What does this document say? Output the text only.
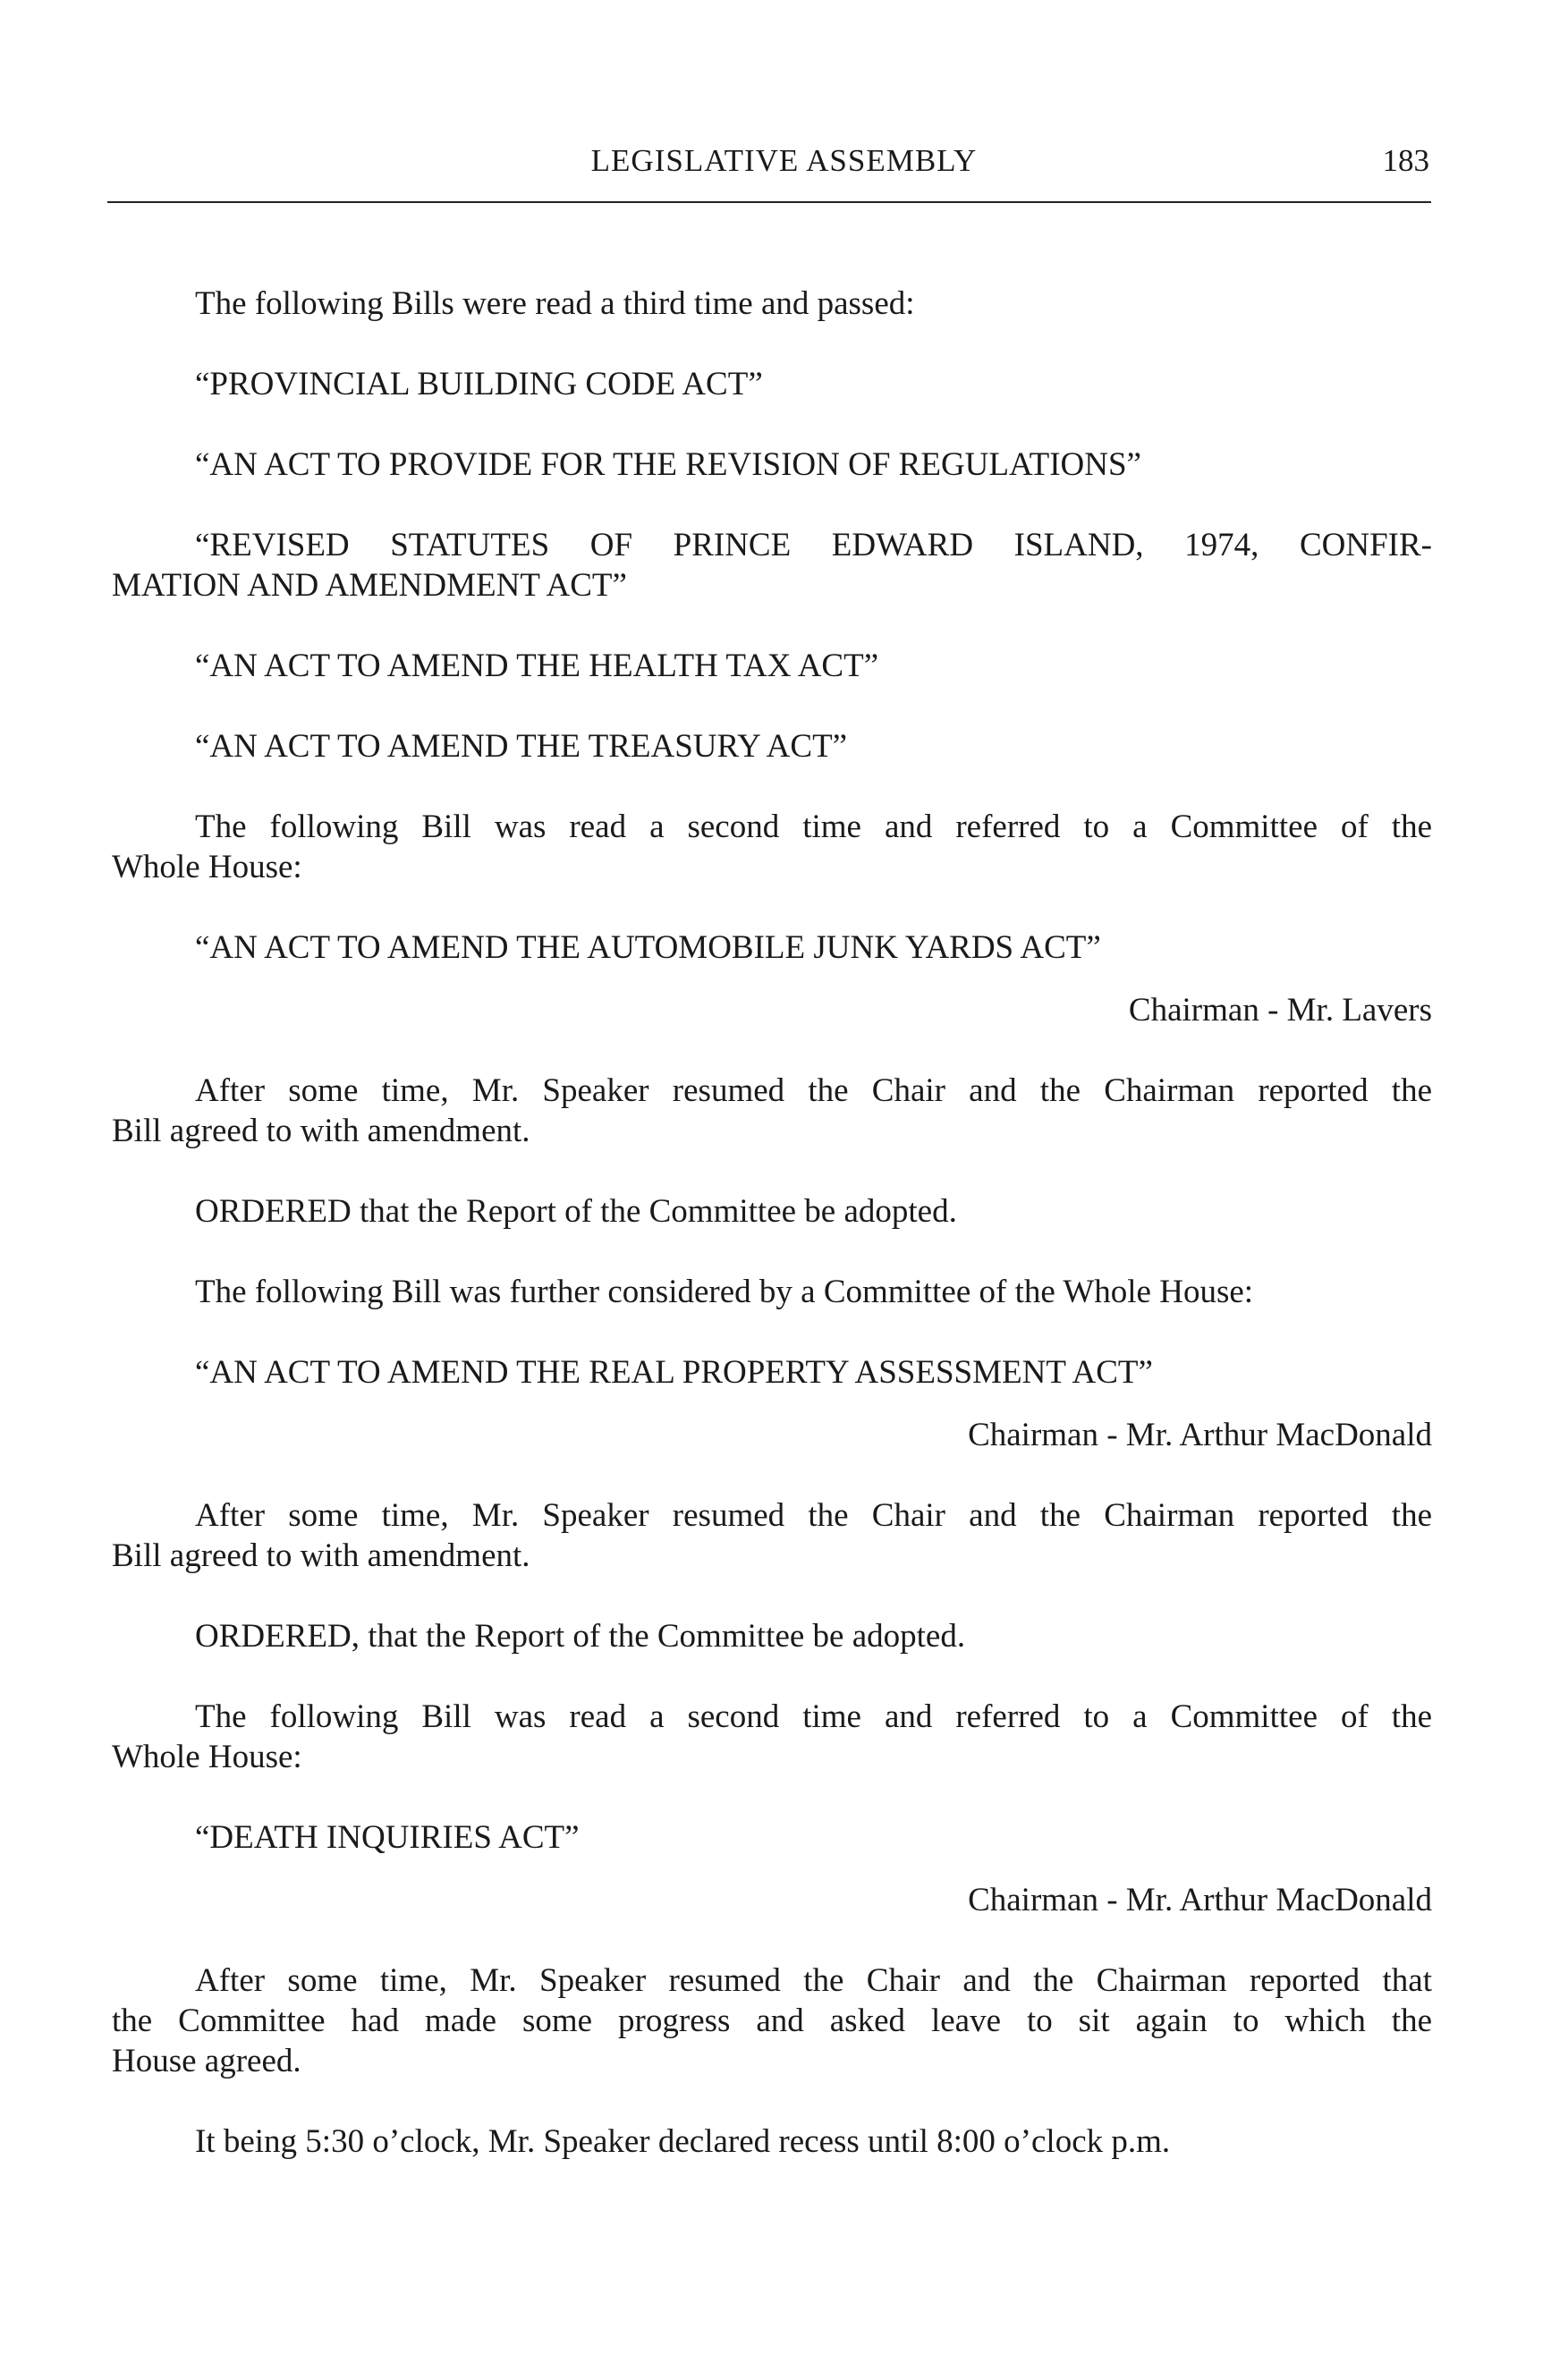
LEGISLATIVE ASSEMBLY	183
The following Bills were read a third time and passed:
“PROVINCIAL BUILDING CODE ACT”
“AN ACT TO PROVIDE FOR THE REVISION OF REGULATIONS”
“REVISED STATUTES OF PRINCE EDWARD ISLAND, 1974, CONFIR-
MATION AND AMENDMENT ACT”
“AN ACT TO AMEND THE HEALTH TAX ACT”
“AN ACT TO AMEND THE TREASURY ACT”
The following Bill was read a second time and referred to a Committee of the
Whole House:
“AN ACT TO AMEND THE AUTOMOBILE JUNK YARDS ACT”
Chairman - Mr. Lavers
After some time, Mr. Speaker resumed the Chair and the Chairman reported the
Bill agreed to with amendment.
ORDERED that the Report of the Committee be adopted.
The following Bill was further considered by a Committee of the Whole House:
“AN ACT TO AMEND THE REAL PROPERTY ASSESSMENT ACT”
Chairman - Mr. Arthur MacDonald
After some time, Mr. Speaker resumed the Chair and the Chairman reported the
Bill agreed to with amendment.
ORDERED, that the Report of the Committee be adopted.
The following Bill was read a second time and referred to a Committee of the
Whole House:
“DEATH INQUIRIES ACT”
Chairman - Mr. Arthur MacDonald
After some time, Mr. Speaker resumed the Chair and the Chairman reported that
the Committee had made some progress and asked leave to sit again to which the
House agreed.
It being 5:30 o’clock, Mr. Speaker declared recess until 8:00 o’clock p.m.
